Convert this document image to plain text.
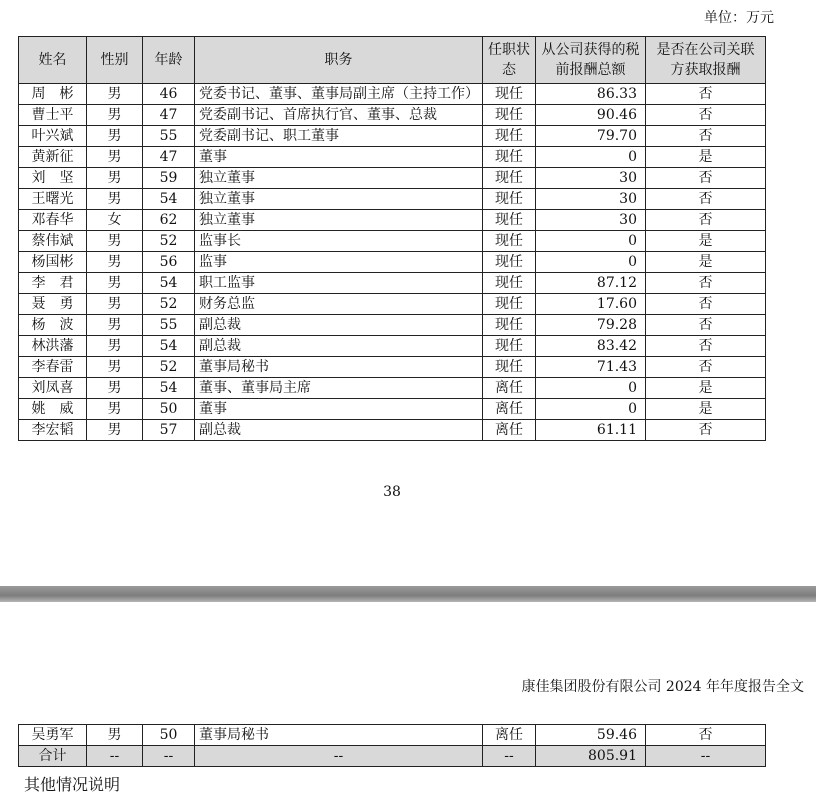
单位：万元
姓名	性别	年龄	职务	任职状态	从公司获得的税前报酬总额	是否在公司关联方获取报酬
周　彬	男	46	党委书记、董事、董事局副主席（主持工作）	现任	86.33	否
曹士平	男	47	党委副书记、首席执行官、董事、总裁	现任	90.46	否
叶兴斌	男	55	党委副书记、职工董事	现任	79.70	否
黄新征	男	47	董事	现任	0	是
刘　坚	男	59	独立董事	现任	30	否
王曙光	男	54	独立董事	现任	30	否
邓春华	女	62	独立董事	现任	30	否
蔡伟斌	男	52	监事长	现任	0	是
杨国彬	男	56	监事	现任	0	是
李　君	男	54	职工监事	现任	87.12	否
聂　勇	男	52	财务总监	现任	17.60	否
杨　波	男	55	副总裁	现任	79.28	否
林洪藩	男	54	副总裁	现任	83.42	否
李春雷	男	52	董事局秘书	现任	71.43	否
刘凤喜	男	54	董事、董事局主席	离任	0	是
姚　威	男	50	董事	离任	0	是
李宏韬	男	57	副总裁	离任	61.11	否
38
康佳集团股份有限公司 2024 年年度报告全文
吴勇军	男	50	董事局秘书	离任	59.46	否
合计	--	--	--	--	805.91	--
其他情况说明
